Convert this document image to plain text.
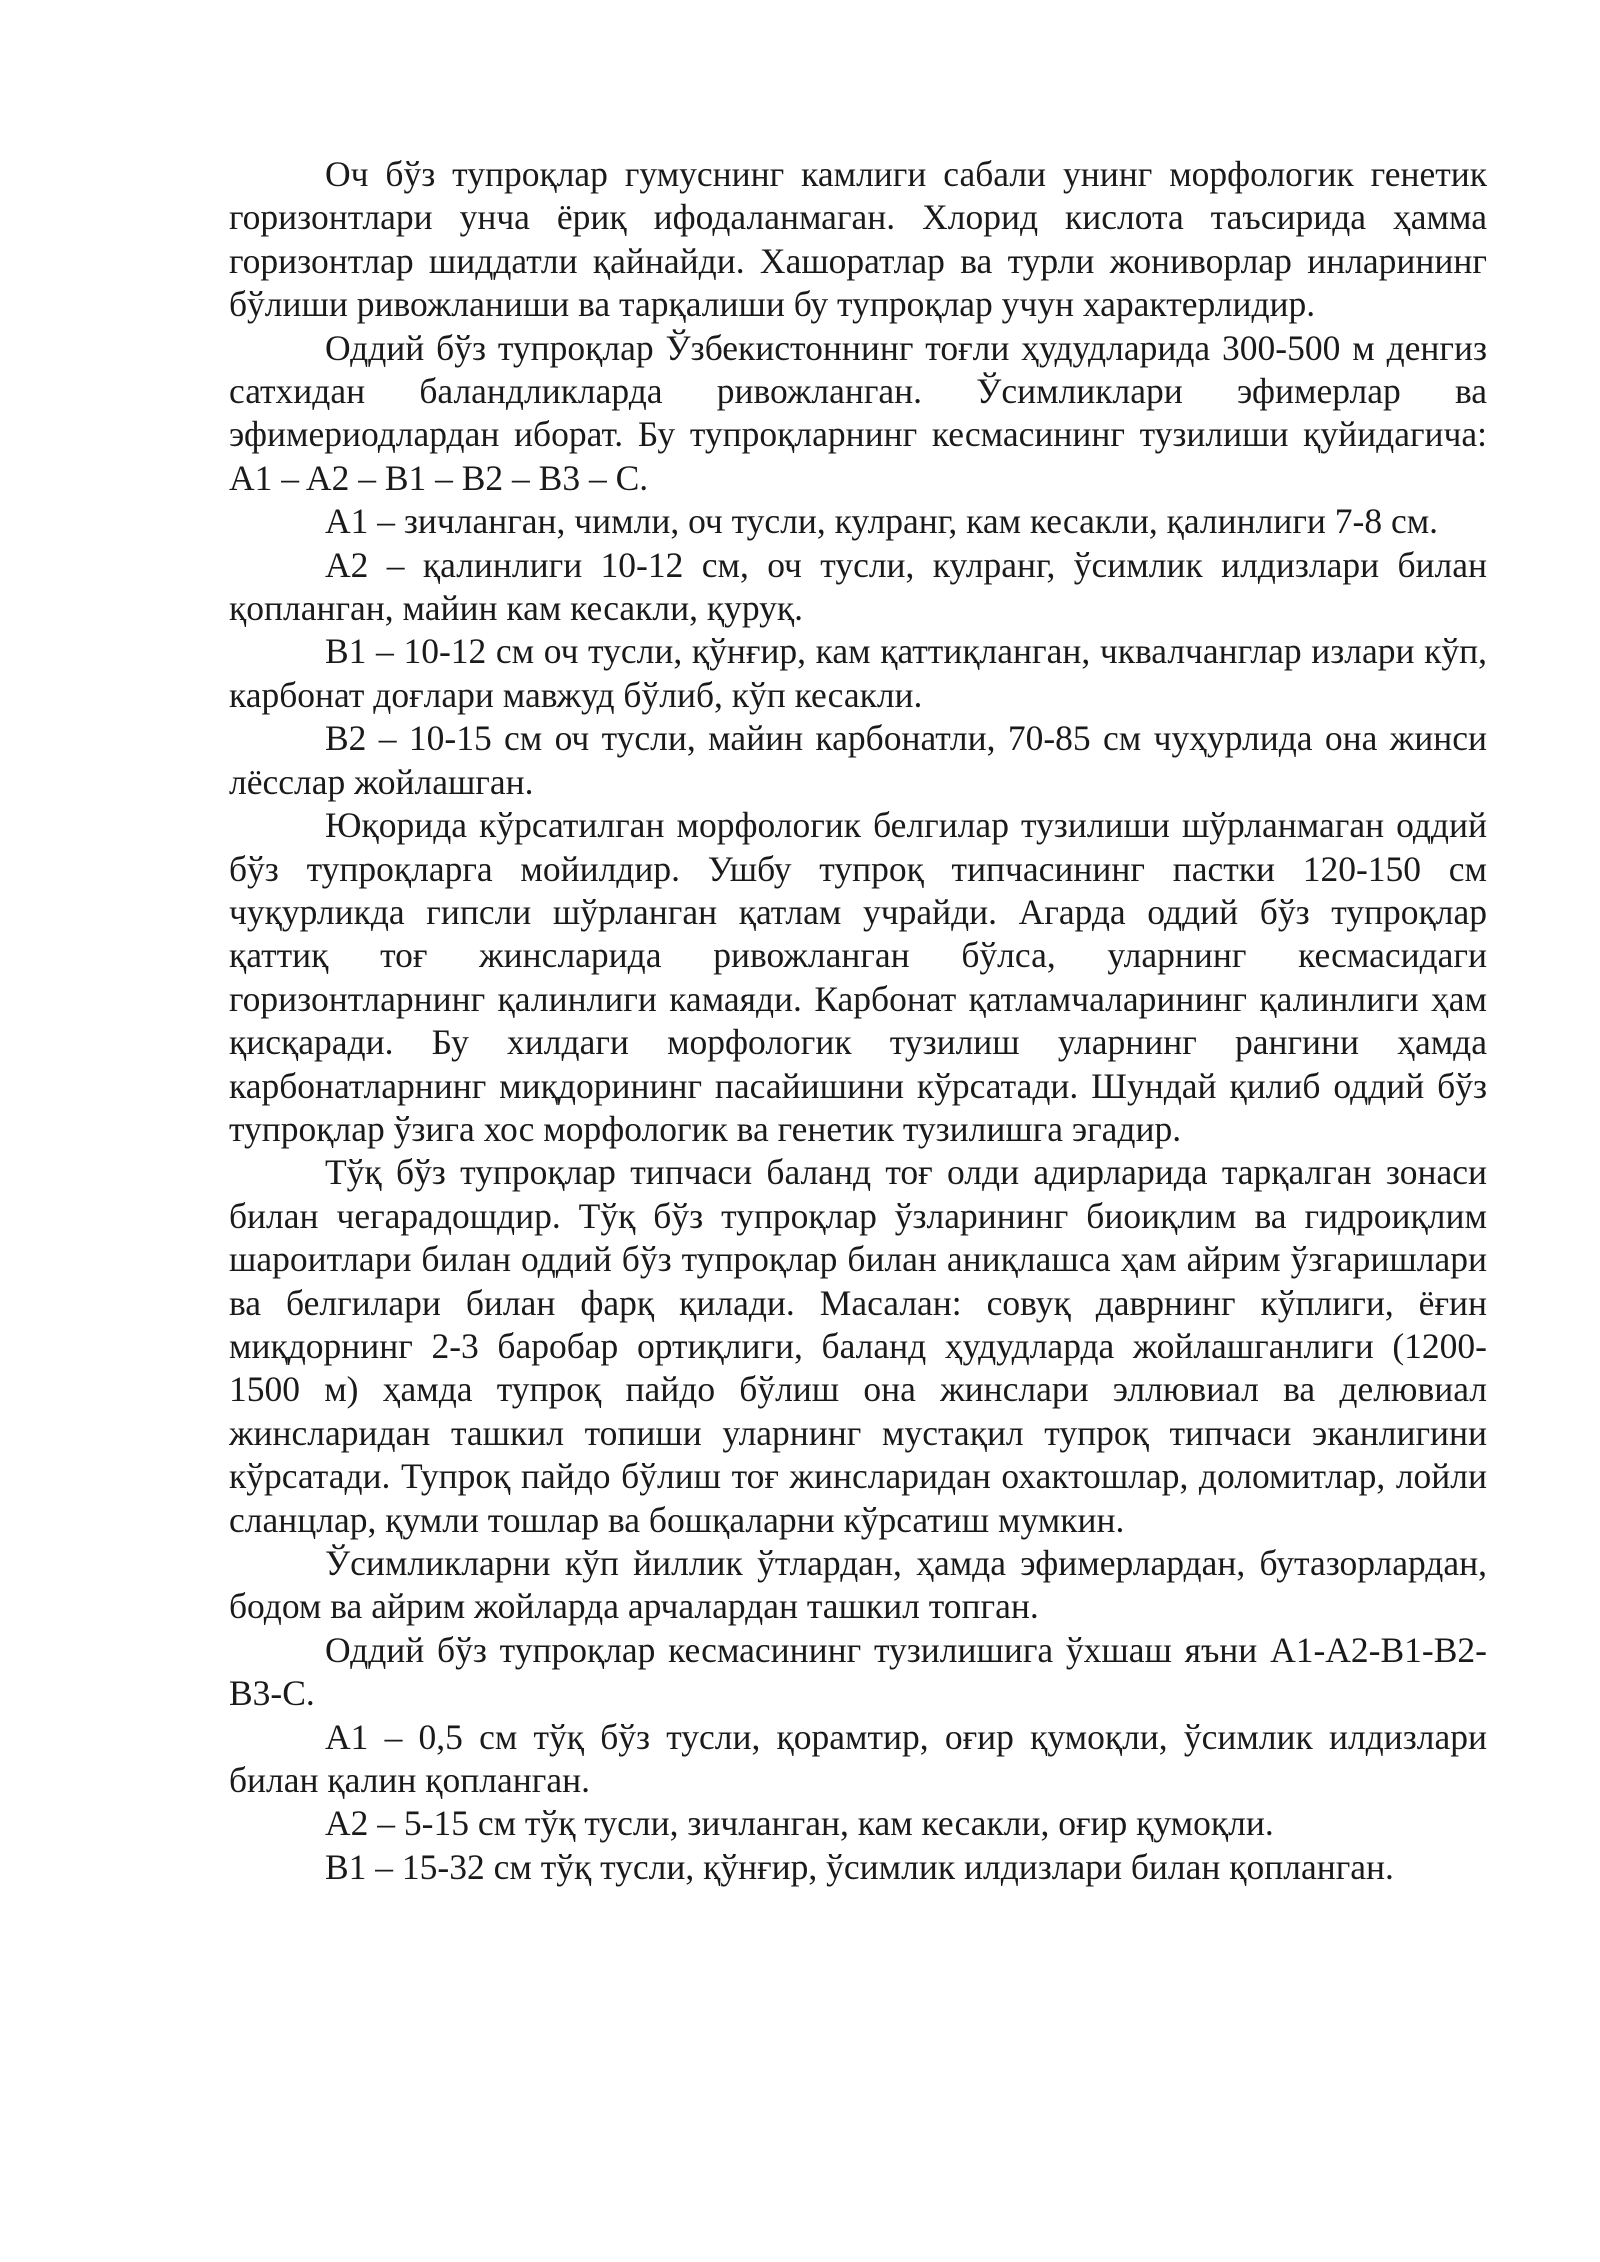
Оч бўз тупроқлар гумуснинг камлиги сабали унинг морфологик генетик горизонтлари унча ёриқ ифодаланмаган. Хлорид кислота таъсирида ҳамма горизонтлар шиддатли қайнайди. Хашоратлар ва турли жониворлар инларининг бўлиши ривожланиши ва тарқалиши бу тупроқлар учун характерлидир.

Оддий бўз тупроқлар Ўзбекистоннинг тоғли ҳудудларида 300-500 м денгиз сатхидан баландликларда ривожланган. Ўсимликлари эфимерлар ва эфимериодлардан иборат. Бу тупроқларнинг кесмасининг тузилиши қуйидагича: A1 – A2 – B1 – B2 – B3 – C.

A1 – зичланган, чимли, оч тусли, кулранг, кам кесакли, қалинлиги 7-8 см.

A2 – қалинлиги 10-12 см, оч тусли, кулранг, ўсимлик илдизлари билан қопланган, майин кам кесакли, қуруқ.

B1 – 10-12 см оч тусли, қўнғир, кам қаттиқланган, чквалчанглар излари кўп, карбонат доғлари мавжуд бўлиб, кўп кесакли.

B2 – 10-15 см оч тусли, майин карбонатли, 70-85 см чуҳурлида она жинси лёсслар жойлашган.

Юқорида кўрсатилган морфологик белгилар тузилиши шўрланмаган оддий бўз тупроқларга мойилдир. Ушбу тупроқ типчасининг пастки 120-150 см чуқурликда гипсли шўрланган қатлам учрайди. Агарда оддий бўз тупроқлар қаттиқ тоғ жинсларида ривожланган бўлса, уларнинг кесмасидаги горизонтларнинг қалинлиги камаяди. Карбонат қатламчаларининг қалинлиги ҳам қисқаради. Бу хилдаги морфологик тузилиш уларнинг рангини ҳамда карбонатларнинг миқдорининг пасайишини кўрсатади. Шундай қилиб оддий бўз тупроқлар ўзига хос морфологик ва генетик тузилишга эгадир.

Тўқ бўз тупроқлар типчаси баланд тоғ олди адирларида тарқалган зонаси билан чегарадошдир. Тўқ бўз тупроқлар ўзларининг биоиқлим ва гидроиқлим шароитлари билан оддий бўз тупроқлар билан аниқлашса ҳам айрим ўзгаришлари ва белгилари билан фарқ қилади. Масалан: совуқ даврнинг кўплиги, ёғин миқдорнинг 2-3 баробар ортиқлиги, баланд ҳудудларда жойлашганлиги (1200-1500 м) ҳамда тупроқ пайдо бўлиш она жинслари эллювиал ва делювиал жинсларидан ташкил топиши уларнинг мустақил тупроқ типчаси эканлигини кўрсатади. Тупроқ пайдо бўлиш тоғ жинсларидан охактошлар, доломитлар, лойли сланцлар, қумли тошлар ва бошқаларни кўрсатиш мумкин.

Ўсимликларни кўп йиллик ўтлардан, ҳамда эфимерлардан, бутазорлардан, бодом ва айрим жойларда арчалардан ташкил топган.

Оддий бўз тупроқлар кесмасининг тузилишига ўхшаш яъни A1-A2-B1-B2-B3-C.

A1 – 0,5 см тўқ бўз тусли, қорамтир, оғир қумоқли, ўсимлик илдизлари билан қалин қопланган.

A2 – 5-15 см тўқ тусли, зичланган, кам кесакли, оғир қумоқли.

B1 – 15-32 см тўқ тусли, қўнғир, ўсимлик илдизлари билан қопланган.
